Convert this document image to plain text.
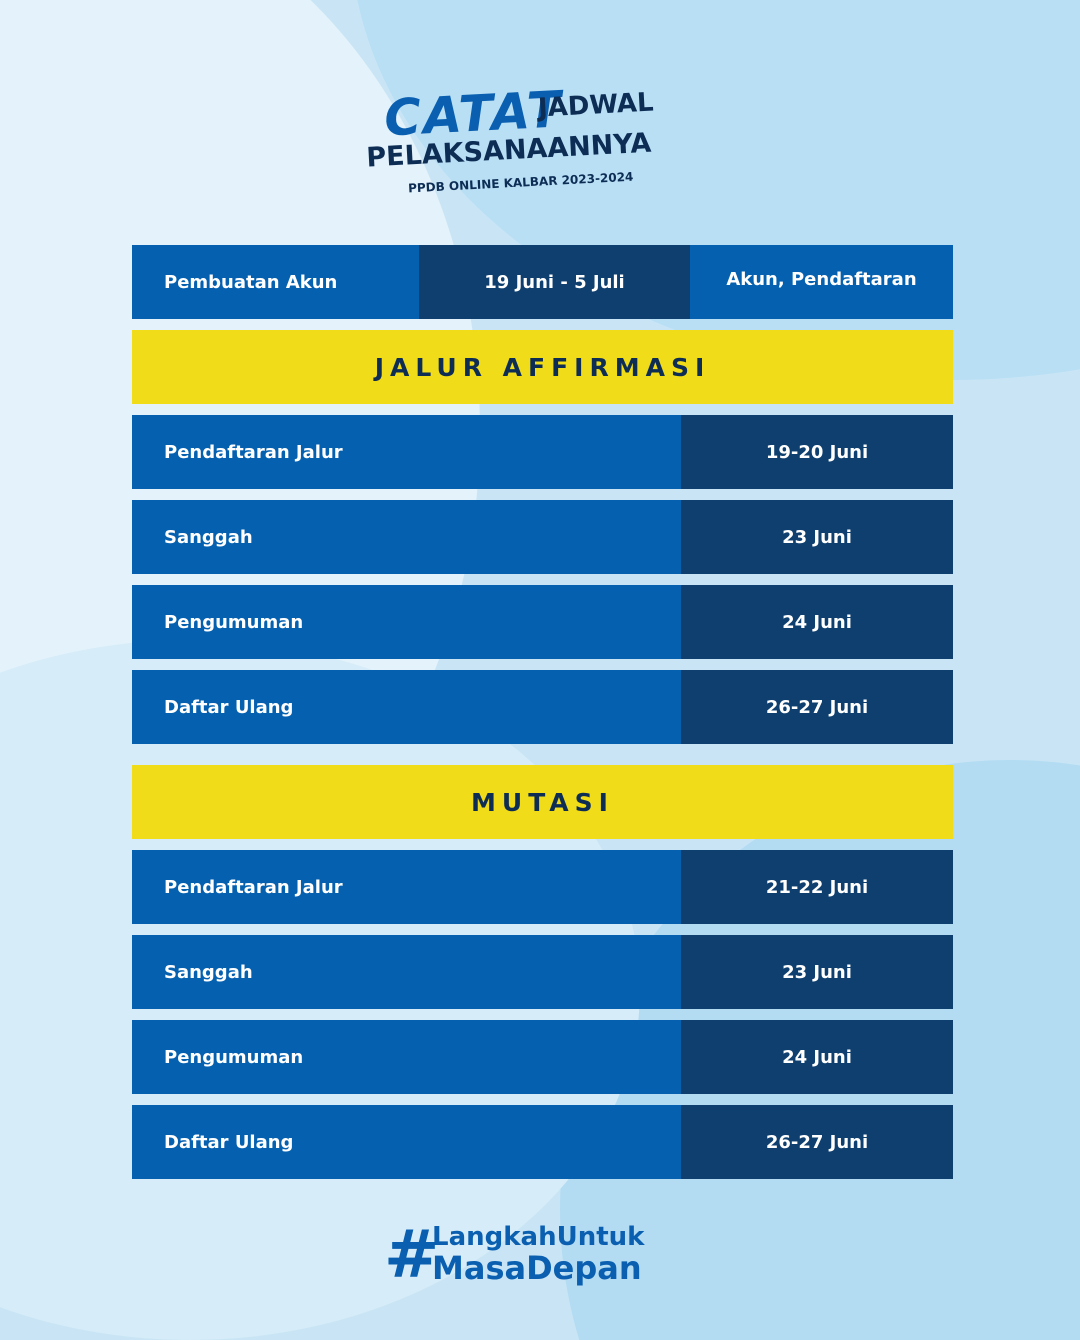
CATAT
JADWAL
PELAKSANAANNYA
PPDB ONLINE KALBAR 2023-2024
Pembuatan Akun	19 Juni - 5 Juli	Akun, Pendaftaran
JALUR AFFIRMASI
Pendaftaran Jalur	19-20 Juni
Sanggah	23 Juni
Pengumuman	24 Juni
Daftar Ulang	26-27 Juni
MUTASI
Pendaftaran Jalur	21-22 Juni
Sanggah	23 Juni
Pengumuman	24 Juni
Daftar Ulang	26-27 Juni
#
LangkahUntuk
MasaDepan
